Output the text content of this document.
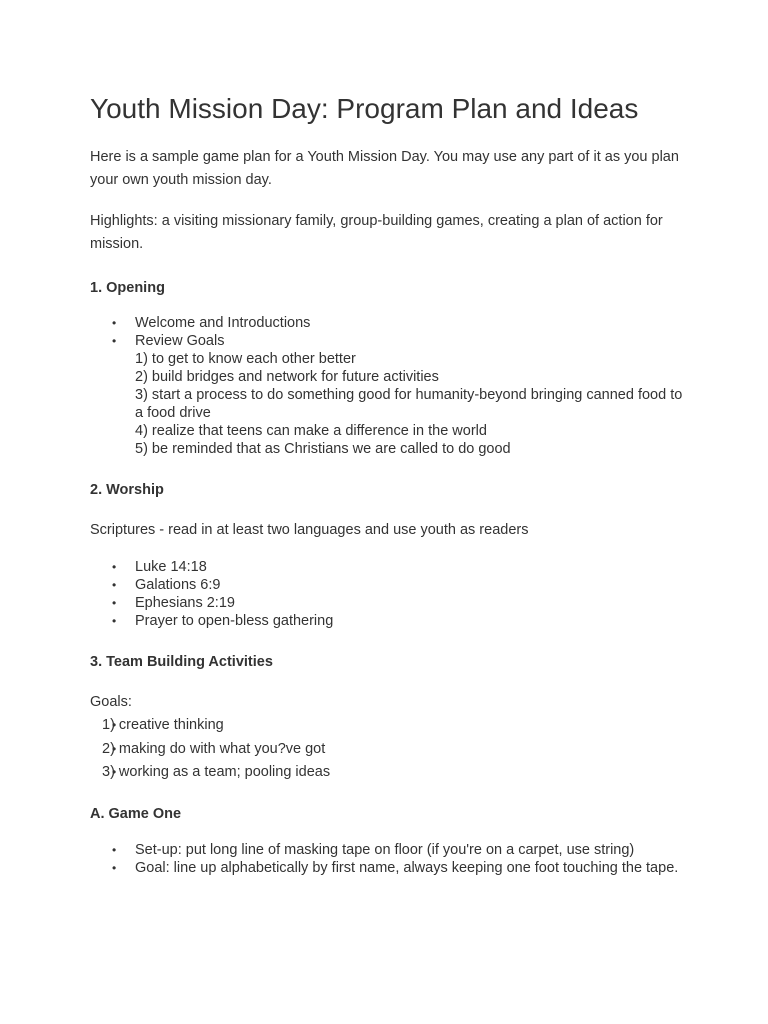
Youth Mission Day: Program Plan and Ideas

Here is a sample game plan for a Youth Mission Day. You may use any part of it as you plan your own youth mission day.

Highlights: a visiting missionary family, group-building games, creating a plan of action for mission.

1. Opening
• Welcome and Introductions
• Review Goals
1) to get to know each other better
2) build bridges and network for future activities
3) start a process to do something good for humanity-beyond bringing canned food to a food drive
4) realize that teens can make a difference in the world
5) be reminded that as Christians we are called to do good
2. Worship

Scriptures - read in at least two languages and use youth as readers

• Luke 14:18
• Galations 6:9
• Ephesians 2:19
• Prayer to open-bless gathering
3. Team Building Activities

Goals:

• 1) creative thinking
• 2) making do with what you?ve got
• 3) working as a team; pooling ideas
A. Game One
• Set-up: put long line of masking tape on floor (if you're on a carpet, use string)
• Goal: line up alphabetically by first name, always keeping one foot touching the tape.
